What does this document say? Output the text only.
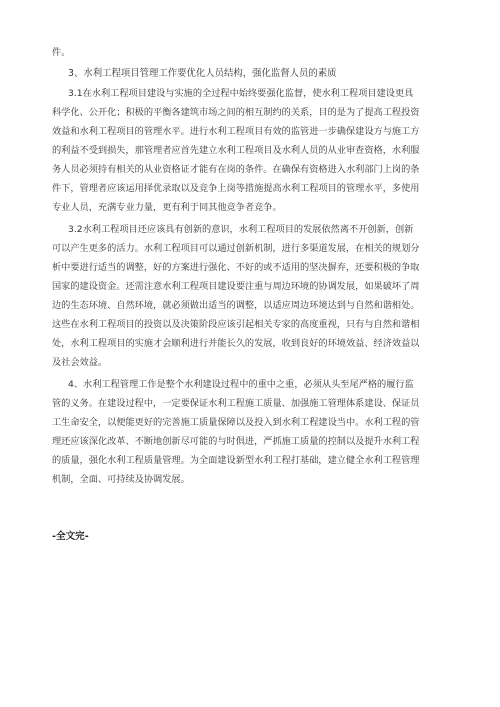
件。
3、水利工程项目管理工作要优化人员结构，强化监督人员的素质
3.1在水利工程项目建设与实施的全过程中始终要强化监督，使水利工程项目建设更具
科学化、公开化；积极的平衡各建筑市场之间的相互制约的关系，目的是为了提高工程投资
效益和水利工程项目的管理水平。进行水利工程项目有效的监管进一步确保建设方与施工方
的利益不受到损失，那管理者应首先建立水利工程项目及水利人员的从业审查资格，水利服
务人员必须持有相关的从业资格证才能有在岗的条件。在确保有资格进入水利部门上岗的条
件下，管理者应该运用择优录取以及竞争上岗等措施提高水利工程项目的管理水平，多使用
专业人员，充满专业力量，更有利于同其他竞争者竞争。
3.2水利工程项目还应该具有创新的意识，水利工程项目的发展依然离不开创新，创新
可以产生更多的活力。水利工程项目可以通过创新机制，进行多渠道发展，在相关的规划分
析中要进行适当的调整，好的方案进行强化、不好的或不适用的坚决摒弃，还要积极的争取
国家的建设资金。还需注意水利工程项目建设要注重与周边环境的协调发展，如果破坏了周
边的生态环境、自然环境，就必须做出适当的调整，以适应周边环境达到与自然和谐相处。
这些在水利工程项目的投资以及决策阶段应该引起相关专家的高度重视，只有与自然和谐相
处，水利工程项目的实施才会顺利进行并能长久的发展，收到良好的环境效益、经济效益以
及社会效益。
4、水利工程管理工作是整个水利建设过程中的重中之重，必须从头至尾严格的履行监
管的义务。在建设过程中，一定要保证水利工程施工质量、加强施工管理体系建设、保证员
工生命安全，以便能更好的完善施工质量保障以及投入到水利工程建设当中。水利工程的管
理还应该深化改革、不断地创新尽可能的与时俱进，严抓施工质量的控制以及提升水利工程
的质量，强化水利工程质量管理。为全面建设新型水利工程打基础，建立健全水利工程管理
机制，全面、可持续及协调发展。
-全文完-
